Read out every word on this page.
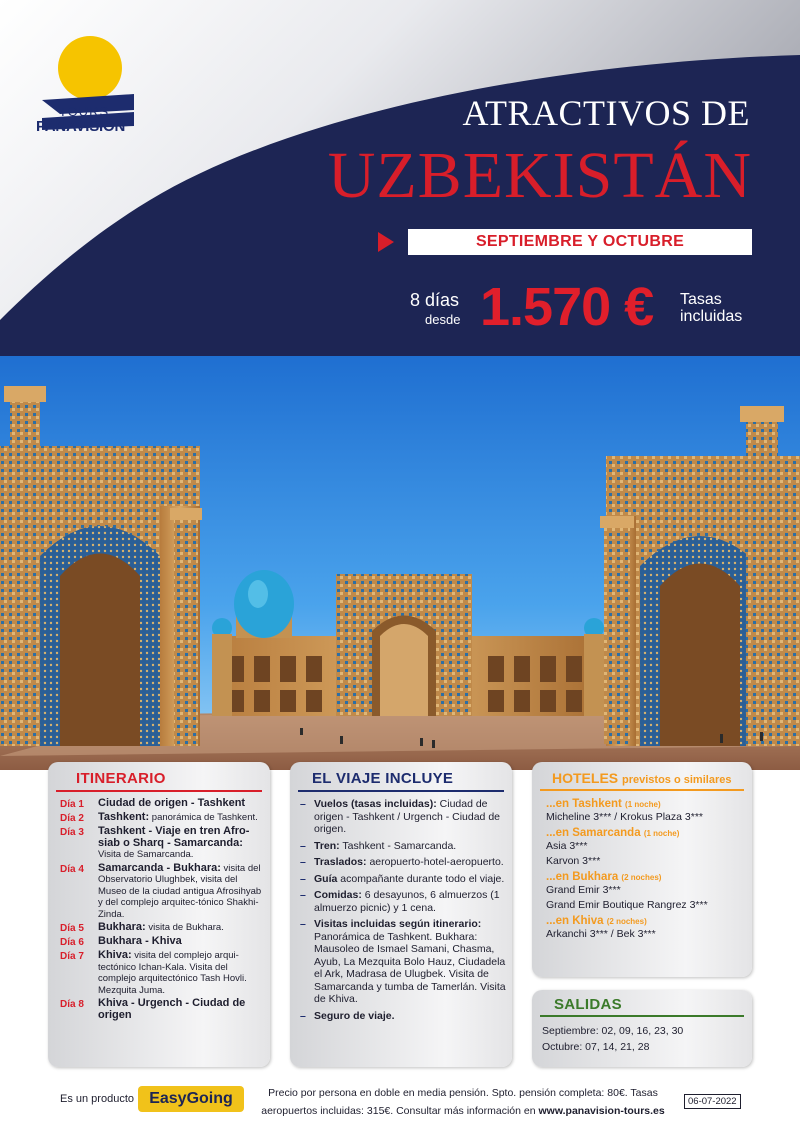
TOURS
PANAVISIÓN	ATRACTIVOS DE
UZBEKISTÁN
SEPTIEMBRE Y OCTUBRE
8 días
desde 1.570 € Tasas
incluidas
ITINERARIO
Día 1	Ciudad de origen - Tashkent
Día 2	Tashkent: panorámica de Tashkent.
Día 3	Tashkent - Viaje en tren Afro-siab o Sharq - Samarcanda: Visita de Samarcanda.
Día 4	Samarcanda - Bukhara: visita del Observatorio Ulughbek, visita del Museo de la ciudad antigua Afrosihyab y del complejo arquitec-tónico Shakhi-Zinda.
Día 5	Bukhara: visita de Bukhara.
Día 6	Bukhara - Khiva
Día 7	Khiva: visita del complejo arqui-tectónico Ichan-Kala. Visita del complejo arquitectónico Tash Hovli. Mezquita Juma.
Día 8	Khiva - Urgench - Ciudad de origen
EL VIAJE INCLUYE
– Vuelos (tasas incluidas): Ciudad de origen - Tashkent / Urgench - Ciudad de origen.
– Tren: Tashkent - Samarcanda.
– Traslados: aeropuerto-hotel-aeropuerto.
– Guía acompañante durante todo el viaje.
– Comidas: 6 desayunos, 6 almuerzos (1 almuerzo picnic) y 1 cena.
– Visitas incluidas según itinerario: Panorámica de Tashkent. Bukhara: Mausoleo de Ismael Samani, Chasma, Ayub, La Mezquita Bolo Hauz, Ciudadela el Ark, Madrasa de Ulugbek. Visita de Samarcanda y tumba de Tamerlán. Visita de Khiva.
– Seguro de viaje.
HOTELES previstos o similares
...en Tashkent (1 noche)
Micheline 3*** / Krokus Plaza 3***
...en Samarcanda (1 noche)
Asia 3***
Karvon 3***
...en Bukhara (2 noches)
Grand Emir 3***
Grand Emir Boutique Rangrez 3***
...en Khiva (2 noches)
Arkanchi 3*** / Bek 3***
SALIDAS
Septiembre: 02, 09, 16, 23, 30
Octubre: 07, 14, 21, 28
Es un producto EasyGoing	Precio por persona en doble en media pensión. Spto. pensión completa: 80€. Tasas
aeropuertos incluidas: 315€. Consultar más información en www.panavision-tours.es
06-07-2022
